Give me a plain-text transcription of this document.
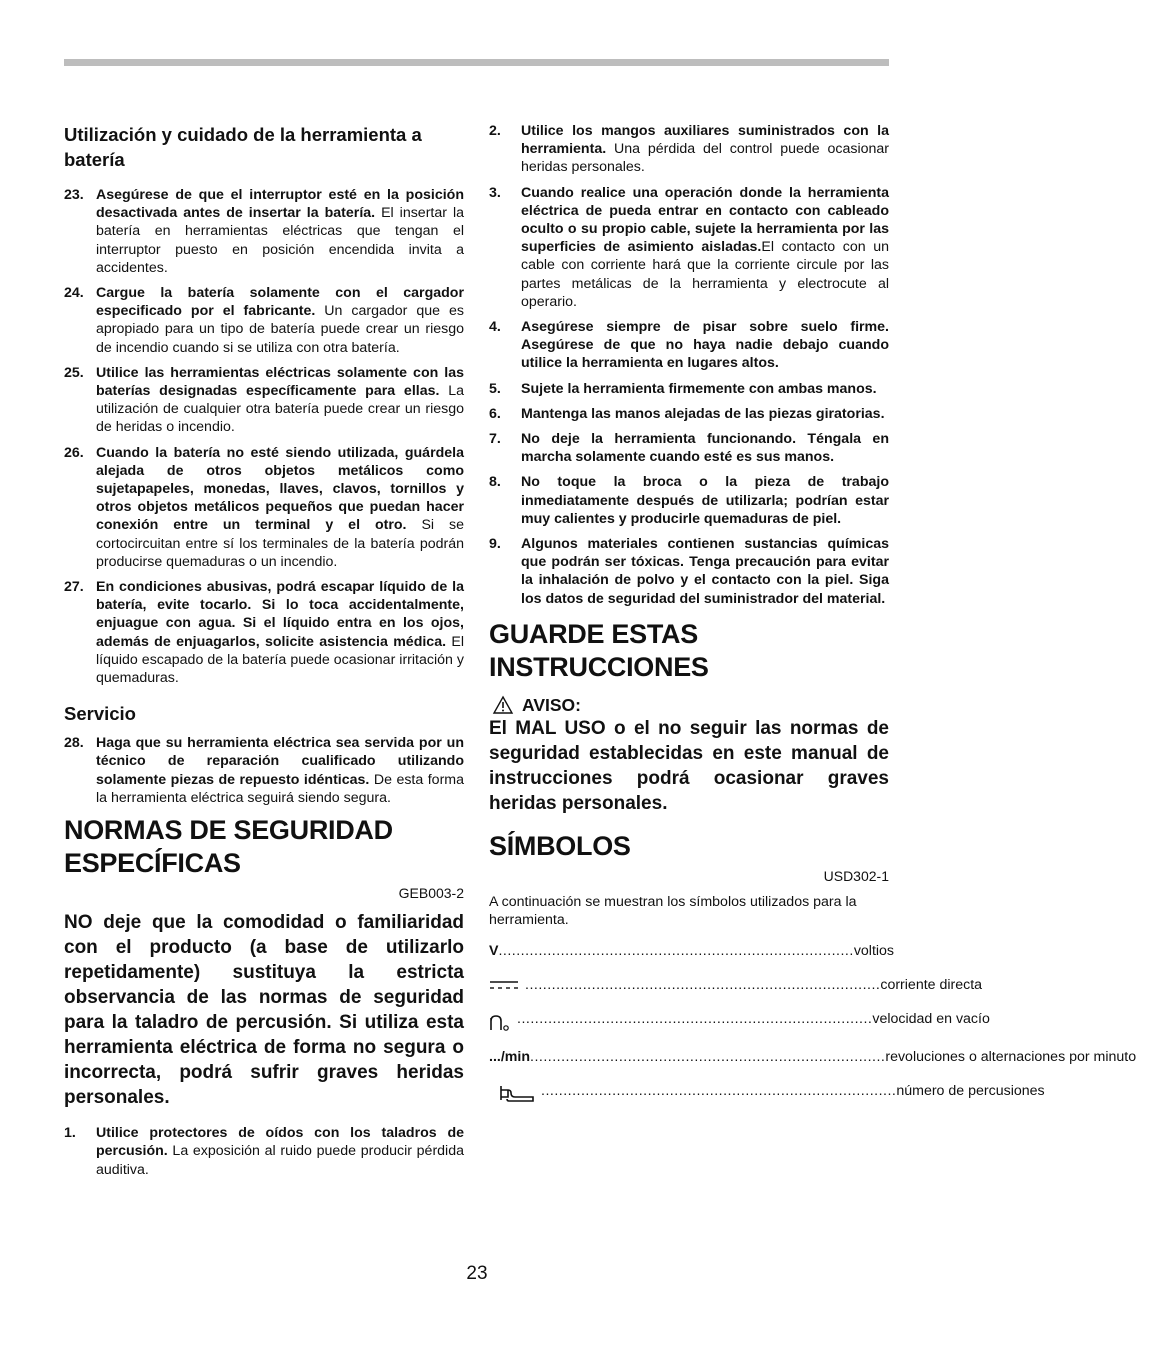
Utilización y cuidado de la herramienta a batería
23. Asegúrese de que el interruptor esté en la posición desactivada antes de insertar la batería. El insertar la batería en herramientas eléctricas que tengan el interruptor puesto en posición encendida invita a accidentes.
24. Cargue la batería solamente con el cargador especificado por el fabricante. Un cargador que es apropiado para un tipo de batería puede crear un riesgo de incendio cuando si se utiliza con otra batería.
25. Utilice las herramientas eléctricas solamente con las baterías designadas específicamente para ellas. La utilización de cualquier otra batería puede crear un riesgo de heridas o incendio.
26. Cuando la batería no esté siendo utilizada, guárdela alejada de otros objetos metálicos como sujetapapeles, monedas, llaves, clavos, tornillos y otros objetos metálicos pequeños que puedan hacer conexión entre un terminal y el otro. Si se cortocircuitan entre sí los terminales de la batería podrán producirse quemaduras o un incendio.
27. En condiciones abusivas, podrá escapar líquido de la batería, evite tocarlo. Si lo toca accidentalmente, enjuague con agua. Si el líquido entra en los ojos, además de enjuagarlos, solicite asistencia médica. El líquido escapado de la batería puede ocasionar irritación y quemaduras.
Servicio
28. Haga que su herramienta eléctrica sea servida por un técnico de reparación cualificado utilizando solamente piezas de repuesto idénticas. De esta forma la herramienta eléctrica seguirá siendo segura.
NORMAS DE SEGURIDAD ESPECÍFICAS
GEB003-2
NO deje que la comodidad o familiaridad con el producto (a base de utilizarlo repetidamente) sustituya la estricta observancia de las normas de seguridad para la taladro de percusión. Si utiliza esta herramienta eléctrica de forma no segura o incorrecta, podrá sufrir graves heridas personales.
1. Utilice protectores de oídos con los taladros de percusión. La exposición al ruido puede producir pérdida auditiva.
2. Utilice los mangos auxiliares suministrados con la herramienta. Una pérdida del control puede ocasionar heridas personales.
3. Cuando realice una operación donde la herramienta eléctrica de pueda entrar en contacto con cableado oculto o su propio cable, sujete la herramienta por las superficies de asimiento aisladas.El contacto con un cable con corriente hará que la corriente circule por las partes metálicas de la herramienta y electrocute al operario.
4. Asegúrese siempre de pisar sobre suelo firme. Asegúrese de que no haya nadie debajo cuando utilice la herramienta en lugares altos.
5. Sujete la herramienta firmemente con ambas manos.
6. Mantenga las manos alejadas de las piezas giratorias.
7. No deje la herramienta funcionando. Téngala en marcha solamente cuando esté es sus manos.
8. No toque la broca o la pieza de trabajo inmediatamente después de utilizarla; podrían estar muy calientes y producirle quemaduras de piel.
9. Algunos materiales contienen sustancias químicas que podrán ser tóxicas. Tenga precaución para evitar la inhalación de polvo y el contacto con la piel. Siga los datos de seguridad del suministrador del material.
GUARDE ESTAS INSTRUCCIONES
AVISO:
El MAL USO o el no seguir las normas de seguridad establecidas en este manual de instrucciones podrá ocasionar graves heridas personales.
SÍMBOLOS
USD302-1
A continuación se muestran los símbolos utilizados para la herramienta.
V ................................................................................ voltios
................................................................................ corriente directa
................................................................................ velocidad en vacío
.../min ................................................................................ revoluciones o alternaciones por minuto
................................................................................ número de percusiones
23
